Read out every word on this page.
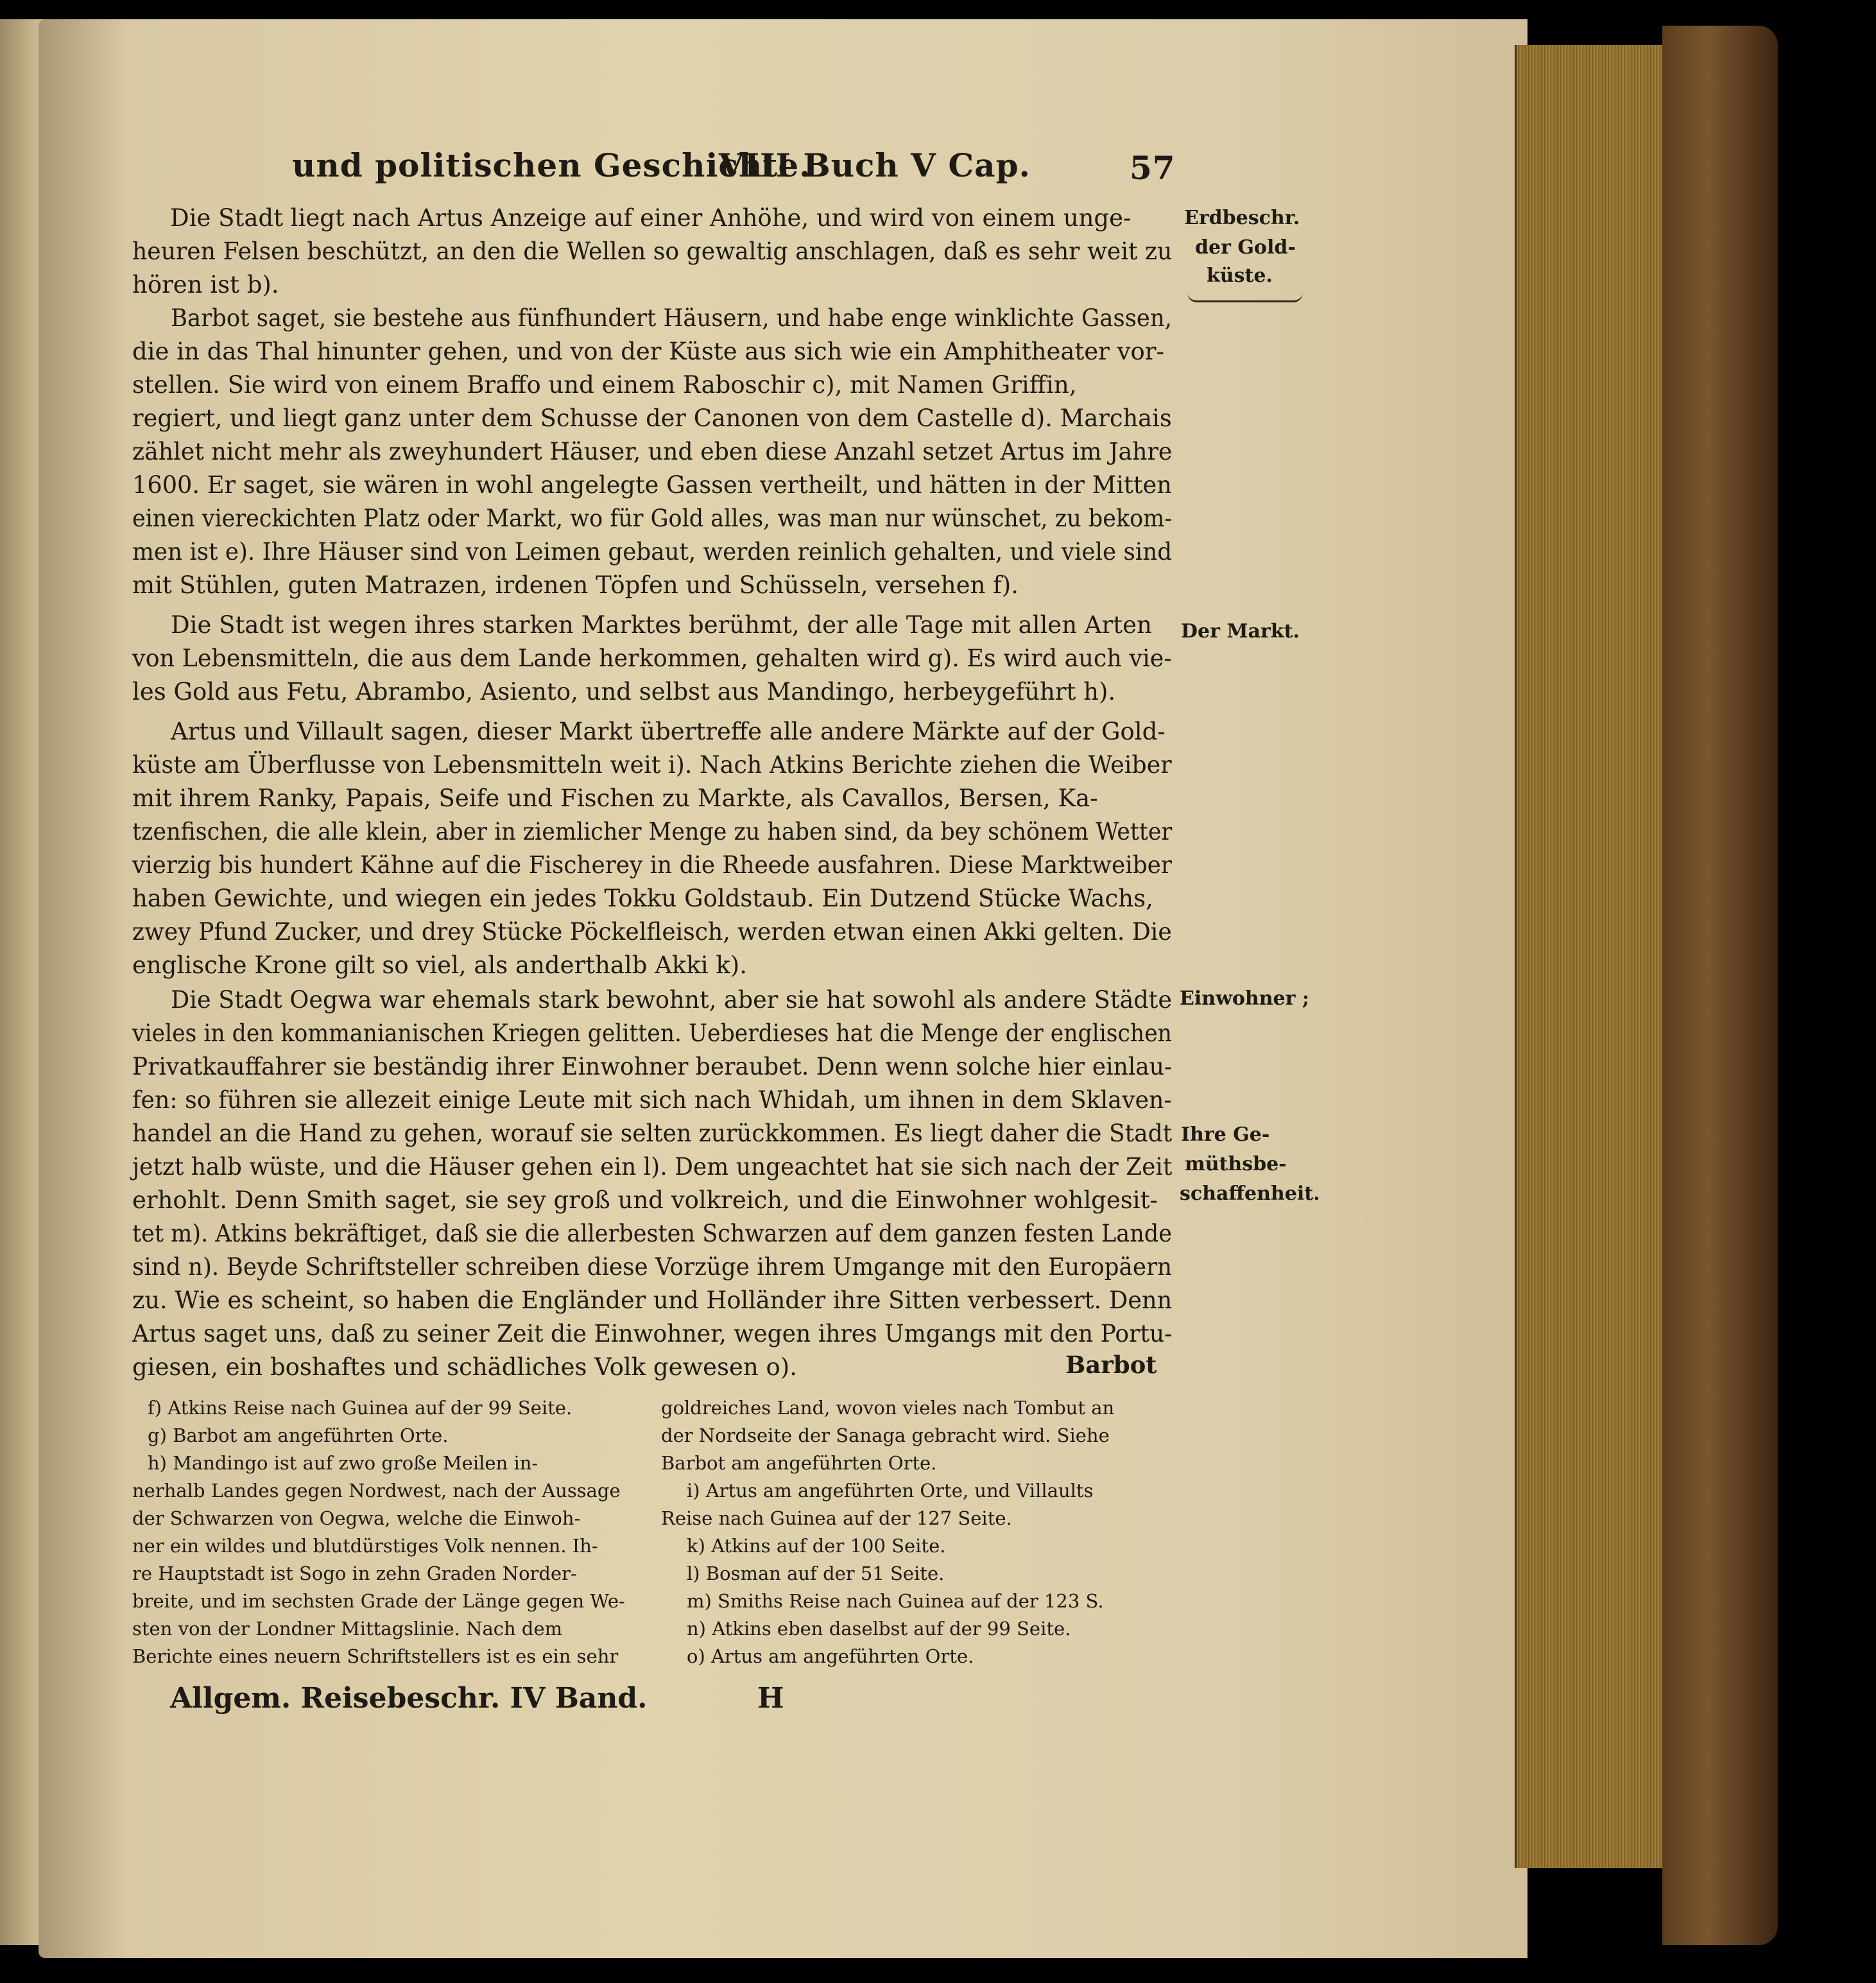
und politischen Geschichte.
VIII Buch V Cap.	57
Erdbeschr.
der Gold-
küste.
Der Markt.
Einwohner ;
Ihre Ge-
müthsbe-
schaffenheit.
Die Stadt liegt nach Artus Anzeige auf einer Anhöhe, und wird von einem unge-
heuren Felsen beschützt, an den die Wellen so gewaltig anschlagen, daß es sehr weit zu
hören ist b).
Barbot saget, sie bestehe aus fünfhundert Häusern, und habe enge winklichte Gassen,
die in das Thal hinunter gehen, und von der Küste aus sich wie ein Amphitheater vor-
stellen. Sie wird von einem Braffo und einem Raboschir c), mit Namen Griffin,
regiert, und liegt ganz unter dem Schusse der Canonen von dem Castelle d). Marchais
zählet nicht mehr als zweyhundert Häuser, und eben diese Anzahl setzet Artus im Jahre
1600. Er saget, sie wären in wohl angelegte Gassen vertheilt, und hätten in der Mitten
einen viereckichten Platz oder Markt, wo für Gold alles, was man nur wünschet, zu bekom-
men ist e). Ihre Häuser sind von Leimen gebaut, werden reinlich gehalten, und viele sind
mit Stühlen, guten Matrazen, irdenen Töpfen und Schüsseln, versehen f).
Die Stadt ist wegen ihres starken Marktes berühmt, der alle Tage mit allen Arten
von Lebensmitteln, die aus dem Lande herkommen, gehalten wird g). Es wird auch vie-
les Gold aus Fetu, Abrambo, Asiento, und selbst aus Mandingo, herbeygeführt h).
Artus und Villault sagen, dieser Markt übertreffe alle andere Märkte auf der Gold-
küste am Überflusse von Lebensmitteln weit i). Nach Atkins Berichte ziehen die Weiber
mit ihrem Ranky, Papais, Seife und Fischen zu Markte, als Cavallos, Bersen, Ka-
tzenfischen, die alle klein, aber in ziemlicher Menge zu haben sind, da bey schönem Wetter
vierzig bis hundert Kähne auf die Fischerey in die Rheede ausfahren. Diese Marktweiber
haben Gewichte, und wiegen ein jedes Tokku Goldstaub. Ein Dutzend Stücke Wachs,
zwey Pfund Zucker, und drey Stücke Pöckelfleisch, werden etwan einen Akki gelten. Die
englische Krone gilt so viel, als anderthalb Akki k).
Die Stadt Oegwa war ehemals stark bewohnt, aber sie hat sowohl als andere Städte
vieles in den kommanianischen Kriegen gelitten. Ueberdieses hat die Menge der englischen
Privatkauffahrer sie beständig ihrer Einwohner beraubet. Denn wenn solche hier einlau-
fen: so führen sie allezeit einige Leute mit sich nach Whidah, um ihnen in dem Sklaven-
handel an die Hand zu gehen, worauf sie selten zurückkommen. Es liegt daher die Stadt
jetzt halb wüste, und die Häuser gehen ein l). Dem ungeachtet hat sie sich nach der Zeit
erhohlt. Denn Smith saget, sie sey groß und volkreich, und die Einwohner wohlgesit-
tet m). Atkins bekräftiget, daß sie die allerbesten Schwarzen auf dem ganzen festen Lande
sind n). Beyde Schriftsteller schreiben diese Vorzüge ihrem Umgange mit den Europäern
zu. Wie es scheint, so haben die Engländer und Holländer ihre Sitten verbessert. Denn
Artus saget uns, daß zu seiner Zeit die Einwohner, wegen ihres Umgangs mit den Portu-
giesen, ein boshaftes und schädliches Volk gewesen o).	Barbot
f) Atkins Reise nach Guinea auf der 99 Seite.
g) Barbot am angeführten Orte.
h) Mandingo ist auf zwo große Meilen in-
nerhalb Landes gegen Nordwest, nach der Aussage
der Schwarzen von Oegwa, welche die Einwoh-
ner ein wildes und blutdürstiges Volk nennen. Ih-
re Hauptstadt ist Sogo in zehn Graden Norder-
breite, und im sechsten Grade der Länge gegen We-
sten von der Londner Mittagslinie. Nach dem
Berichte eines neuern Schriftstellers ist es ein sehr
goldreiches Land, wovon vieles nach Tombut an
der Nordseite der Sanaga gebracht wird. Siehe
Barbot am angeführten Orte.
i) Artus am angeführten Orte, und Villaults
Reise nach Guinea auf der 127 Seite.
k) Atkins auf der 100 Seite.
l) Bosman auf der 51 Seite.
m) Smiths Reise nach Guinea auf der 123 S.
n) Atkins eben daselbst auf der 99 Seite.
o) Artus am angeführten Orte.
Allgem. Reisebeschr. IV Band.	H
